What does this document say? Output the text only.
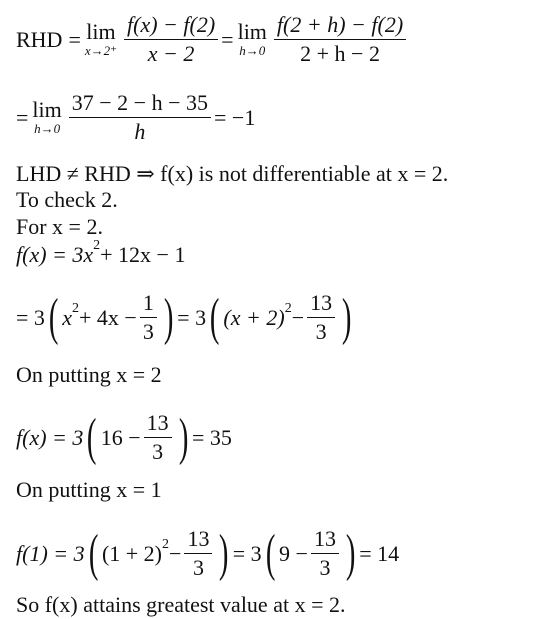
RHD = lim
$x\to 2^+ \frac{f(x) - f(2)}{x - 2} = \lim$
$h\to 0 \frac{f(2 + h) - f(2)}{2 + h - 2}$
= lim
$h\to 0 \frac{37 - 2 - h - 35}{h} = -1$
LHD ≠ RHD ⇒ f(x) is not differentiable at x = 2.
To check 2.
For x = 2.
f(x) = 3x 2 + 12x − 1
= 3 ( x $2 + 4x - \frac{1}{3}$ ) = 3 ( (x + 2) $2 - \frac{13}{3}$ )
On putting x = 2
f(x) = 3 ( $16 - \frac{13}{3}$ ) = 35
On putting x = 1
f(1) = 3 ( (1 + 2) $2 - \frac{13}{3}$ ) = 3 ( $9 - \frac{13}{3}$ ) = 14
So f(x) attains greatest value at x = 2.
